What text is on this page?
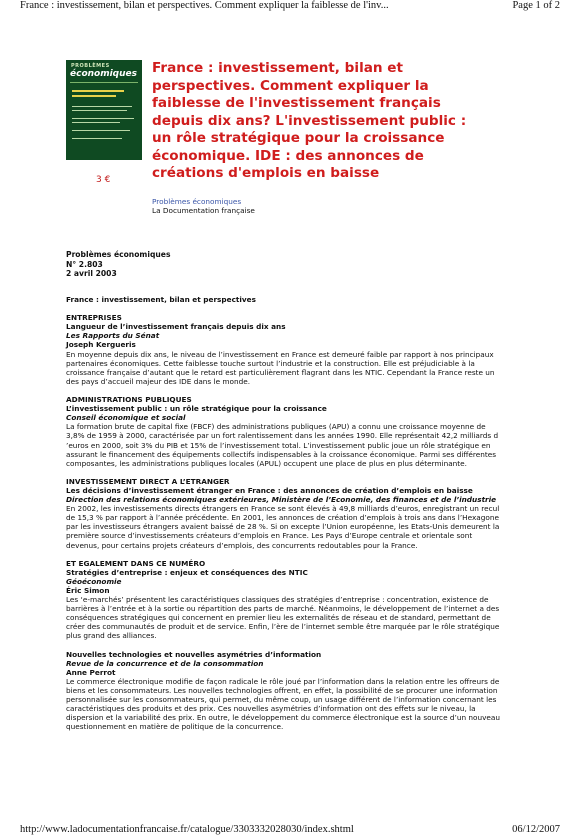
France : investissement, bilan et perspectives. Comment expliquer la faiblesse de l'inv...	Page 1 of 2
PROBLÈMES
économiques
3 €
France : investissement, bilan et perspectives. Comment expliquer la faiblesse de l'investissement français depuis dix ans? L'investissement public : un rôle stratégique pour la croissance économique. IDE : des annonces de créations d'emplois en baisse
Problèmes économiques
La Documentation française
Problèmes économiques
N° 2.803
2 avril 2003

France : investissement, bilan et perspectives

ENTREPRISES

Langueur de l’investissement français depuis dix ans

Les Rapports du Sénat

Joseph Kergueris

En moyenne depuis dix ans, le niveau de l’investissement en France est demeuré faible par rapport à nos principaux partenaires économiques. Cette faiblesse touche surtout l’industrie et la construction. Elle est préjudiciable à la croissance française d’autant que le retard est particulièrement flagrant dans les NTIC. Cependant la France reste un des pays d’accueil majeur des IDE dans le monde.

ADMINISTRATIONS PUBLIQUES

L’investissement public : un rôle stratégique pour la croissance

Conseil économique et social

La formation brute de capital fixe (FBCF) des administrations publiques (APU) a connu une croissance moyenne de 3,8% de 1959 à 2000, caractérisée par un fort ralentissement dans les années 1990. Elle représentait 42,2 milliards d ’euros en 2000, soit 3% du PIB et 15% de l’investissement total. L’investissement public joue un rôle stratégique en assurant le financement des équipements collectifs indispensables à la croissance économique. Parmi ses différentes composantes, les administrations publiques locales (APUL) occupent une place de plus en plus déterminante.

INVESTISSEMENT DIRECT A L’ETRANGER

Les décisions d’investissement étranger en France : des annonces de création d’emplois en baisse

Direction des relations économiques extérieures, Ministère de l’Economie, des finances et de l’industrie

En 2002, les investissements directs étrangers en France se sont élevés à 49,8 milliards d’euros, enregistrant un recul de 15,3 % par rapport à l’année précédente. En 2001, les annonces de création d’emplois à trois ans dans l’Hexagone par les investisseurs étrangers avaient baissé de 28 %. Si on excepte l’Union européenne, les Etats-Unis demeurent la première source d’investissements créateurs d’emplois en France. Les Pays d’Europe centrale et orientale sont devenus, pour certains projets créateurs d’emplois, des concurrents redoutables pour la France.

ET EGALEMENT DANS CE NUMÉRO

Stratégies d’entreprise : enjeux et conséquences des NTIC

Géoéconomie

Éric Simon

Les ‘e-marchés’ présentent les caractéristiques classiques des stratégies d’entreprise : concentration, existence de barrières à l’entrée et à la sortie ou répartition des parts de marché. Néanmoins, le développement de l’internet a des conséquences stratégiques qui concernent en premier lieu les externalités de réseau et de standard, permettant de créer des communautés de produit et de service. Enfin, l’ère de l’internet semble être marquée par le rôle stratégique plus grand des alliances.

Nouvelles technologies et nouvelles asymétries d’information

Revue de la concurrence et de la consommation

Anne Perrot

Le commerce électronique modifie de façon radicale le rôle joué par l’information dans la relation entre les offreurs de biens et les consommateurs. Les nouvelles technologies offrent, en effet, la possibilité de se procurer une information personnalisée sur les consommateurs, qui permet, du même coup, un usage différent de l’information concernant les caractéristiques des produits et des prix. Ces nouvelles asymétries d’information ont des effets sur le niveau, la dispersion et la variabilité des prix. En outre, le développement du commerce électronique est la source d’un nouveau questionnement en matière de politique de la concurrence.

http://www.ladocumentationfrancaise.fr/catalogue/3303332028030/index.shtml	06/12/2007
